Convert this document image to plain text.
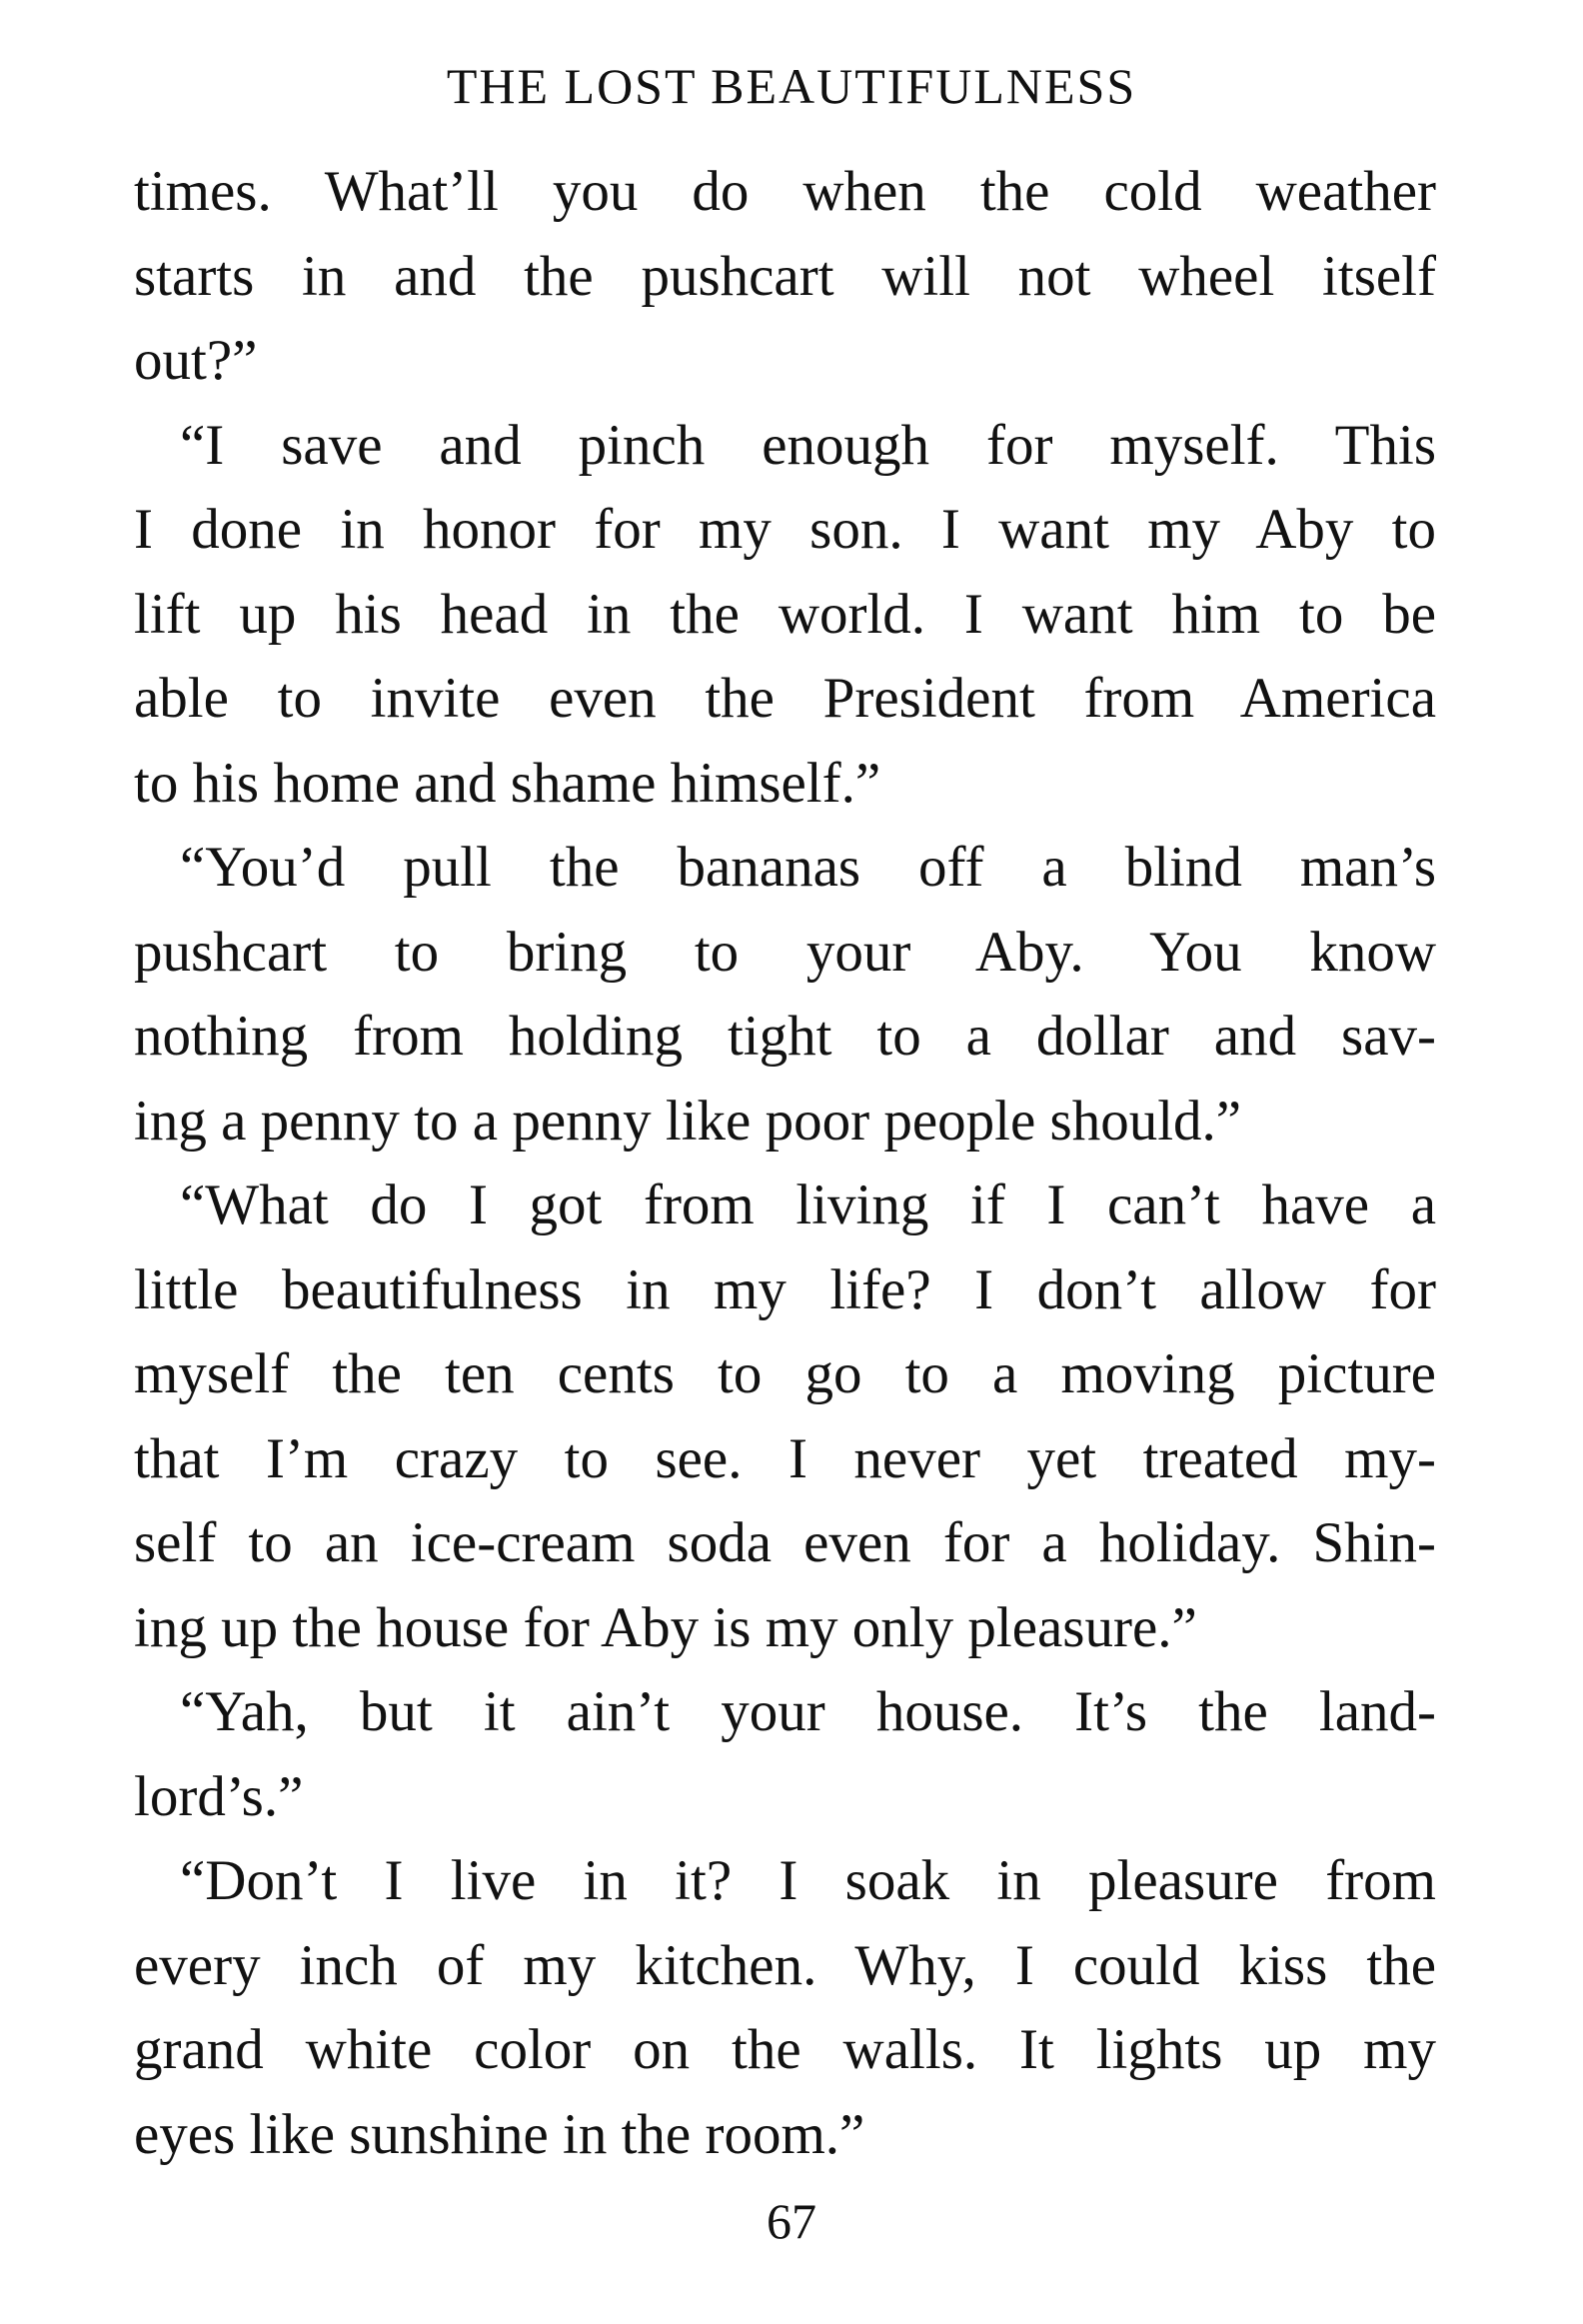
THE LOST BEAUTIFULNESS
times. What’ll you do when the cold weather
starts in and the pushcart will not wheel itself
out?”
“I save and pinch enough for myself. This
I done in honor for my son. I want my Aby to
lift up his head in the world. I want him to be
able to invite even the President from America
to his home and shame himself.”
“You’d pull the bananas off a blind man’s
pushcart to bring to your Aby. You know
nothing from holding tight to a dollar and sav-
ing a penny to a penny like poor people should.”
“What do I got from living if I can’t have a
little beautifulness in my life? I don’t allow for
myself the ten cents to go to a moving picture
that I’m crazy to see. I never yet treated my-
self to an ice-cream soda even for a holiday. Shin-
ing up the house for Aby is my only pleasure.”
“Yah, but it ain’t your house. It’s the land-
lord’s.”
“Don’t I live in it? I soak in pleasure from
every inch of my kitchen. Why, I could kiss the
grand white color on the walls. It lights up my
eyes like sunshine in the room.”
67
